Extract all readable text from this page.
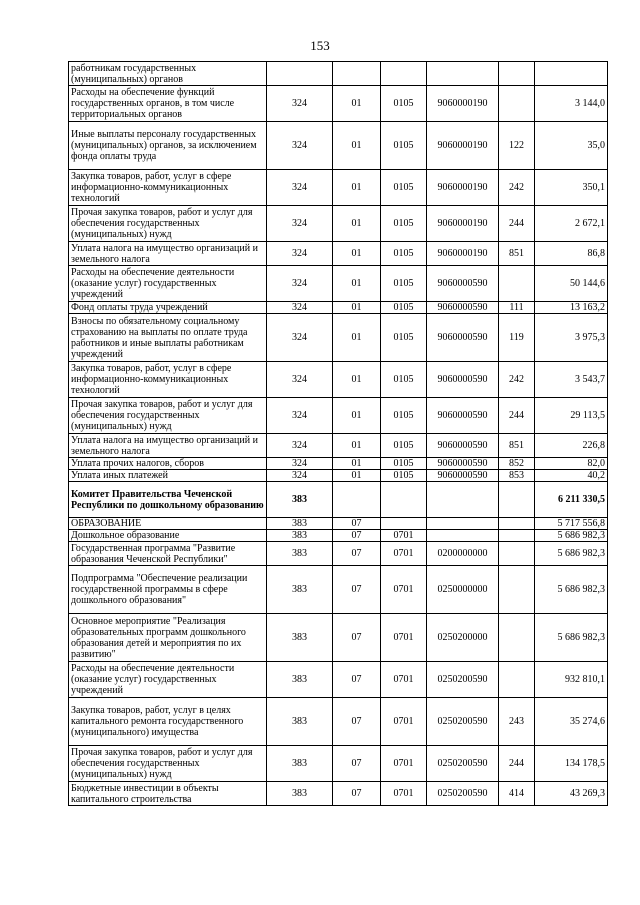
153
работникам государственных (муниципальных) органов						
Расходы на обеспечение функций государственных органов, в том числе территориальных органов	324	01	0105	9060000190		3 144,0
Иные выплаты персоналу государственных (муниципальных) органов, за исключением фонда оплаты труда	324	01	0105	9060000190	122	35,0
Закупка товаров, работ, услуг в сфере информационно-коммуникационных технологий	324	01	0105	9060000190	242	350,1
Прочая закупка товаров, работ и услуг для обеспечения государственных (муниципальных) нужд	324	01	0105	9060000190	244	2 672,1
Уплата налога на имущество организаций и земельного налога	324	01	0105	9060000190	851	86,8
Расходы на обеспечение деятельности (оказание услуг) государственных учреждений	324	01	0105	9060000590		50 144,6
Фонд оплаты труда учреждений	324	01	0105	9060000590	111	13 163,2
Взносы по обязательному социальному страхованию на выплаты по оплате труда работников и иные выплаты работникам учреждений	324	01	0105	9060000590	119	3 975,3
Закупка товаров, работ, услуг в сфере информационно-коммуникационных технологий	324	01	0105	9060000590	242	3 543,7
Прочая закупка товаров, работ и услуг для обеспечения государственных (муниципальных) нужд	324	01	0105	9060000590	244	29 113,5
Уплата налога на имущество организаций и земельного налога	324	01	0105	9060000590	851	226,8
Уплата прочих налогов, сборов	324	01	0105	9060000590	852	82,0
Уплата иных платежей	324	01	0105	9060000590	853	40,2
Комитет Правительства Чеченской Республики по дошкольному образованию	383					6 211 330,5
ОБРАЗОВАНИЕ	383	07				5 717 556,8
Дошкольное образование	383	07	0701			5 686 982,3
Государственная программа "Развитие образования Чеченской Республики"	383	07	0701	0200000000		5 686 982,3
Подпрограмма "Обеспечение реализации государственной программы в сфере дошкольного образования"	383	07	0701	0250000000		5 686 982,3
Основное мероприятие "Реализация образовательных программ дошкольного образования детей и мероприятия по их развитию"	383	07	0701	0250200000		5 686 982,3
Расходы на обеспечение деятельности (оказание услуг) государственных учреждений	383	07	0701	0250200590		932 810,1
Закупка товаров, работ, услуг в целях капитального ремонта государственного (муниципального) имущества	383	07	0701	0250200590	243	35 274,6
Прочая закупка товаров, работ и услуг для обеспечения государственных (муниципальных) нужд	383	07	0701	0250200590	244	134 178,5
Бюджетные инвестиции в объекты капитального строительства	383	07	0701	0250200590	414	43 269,3
